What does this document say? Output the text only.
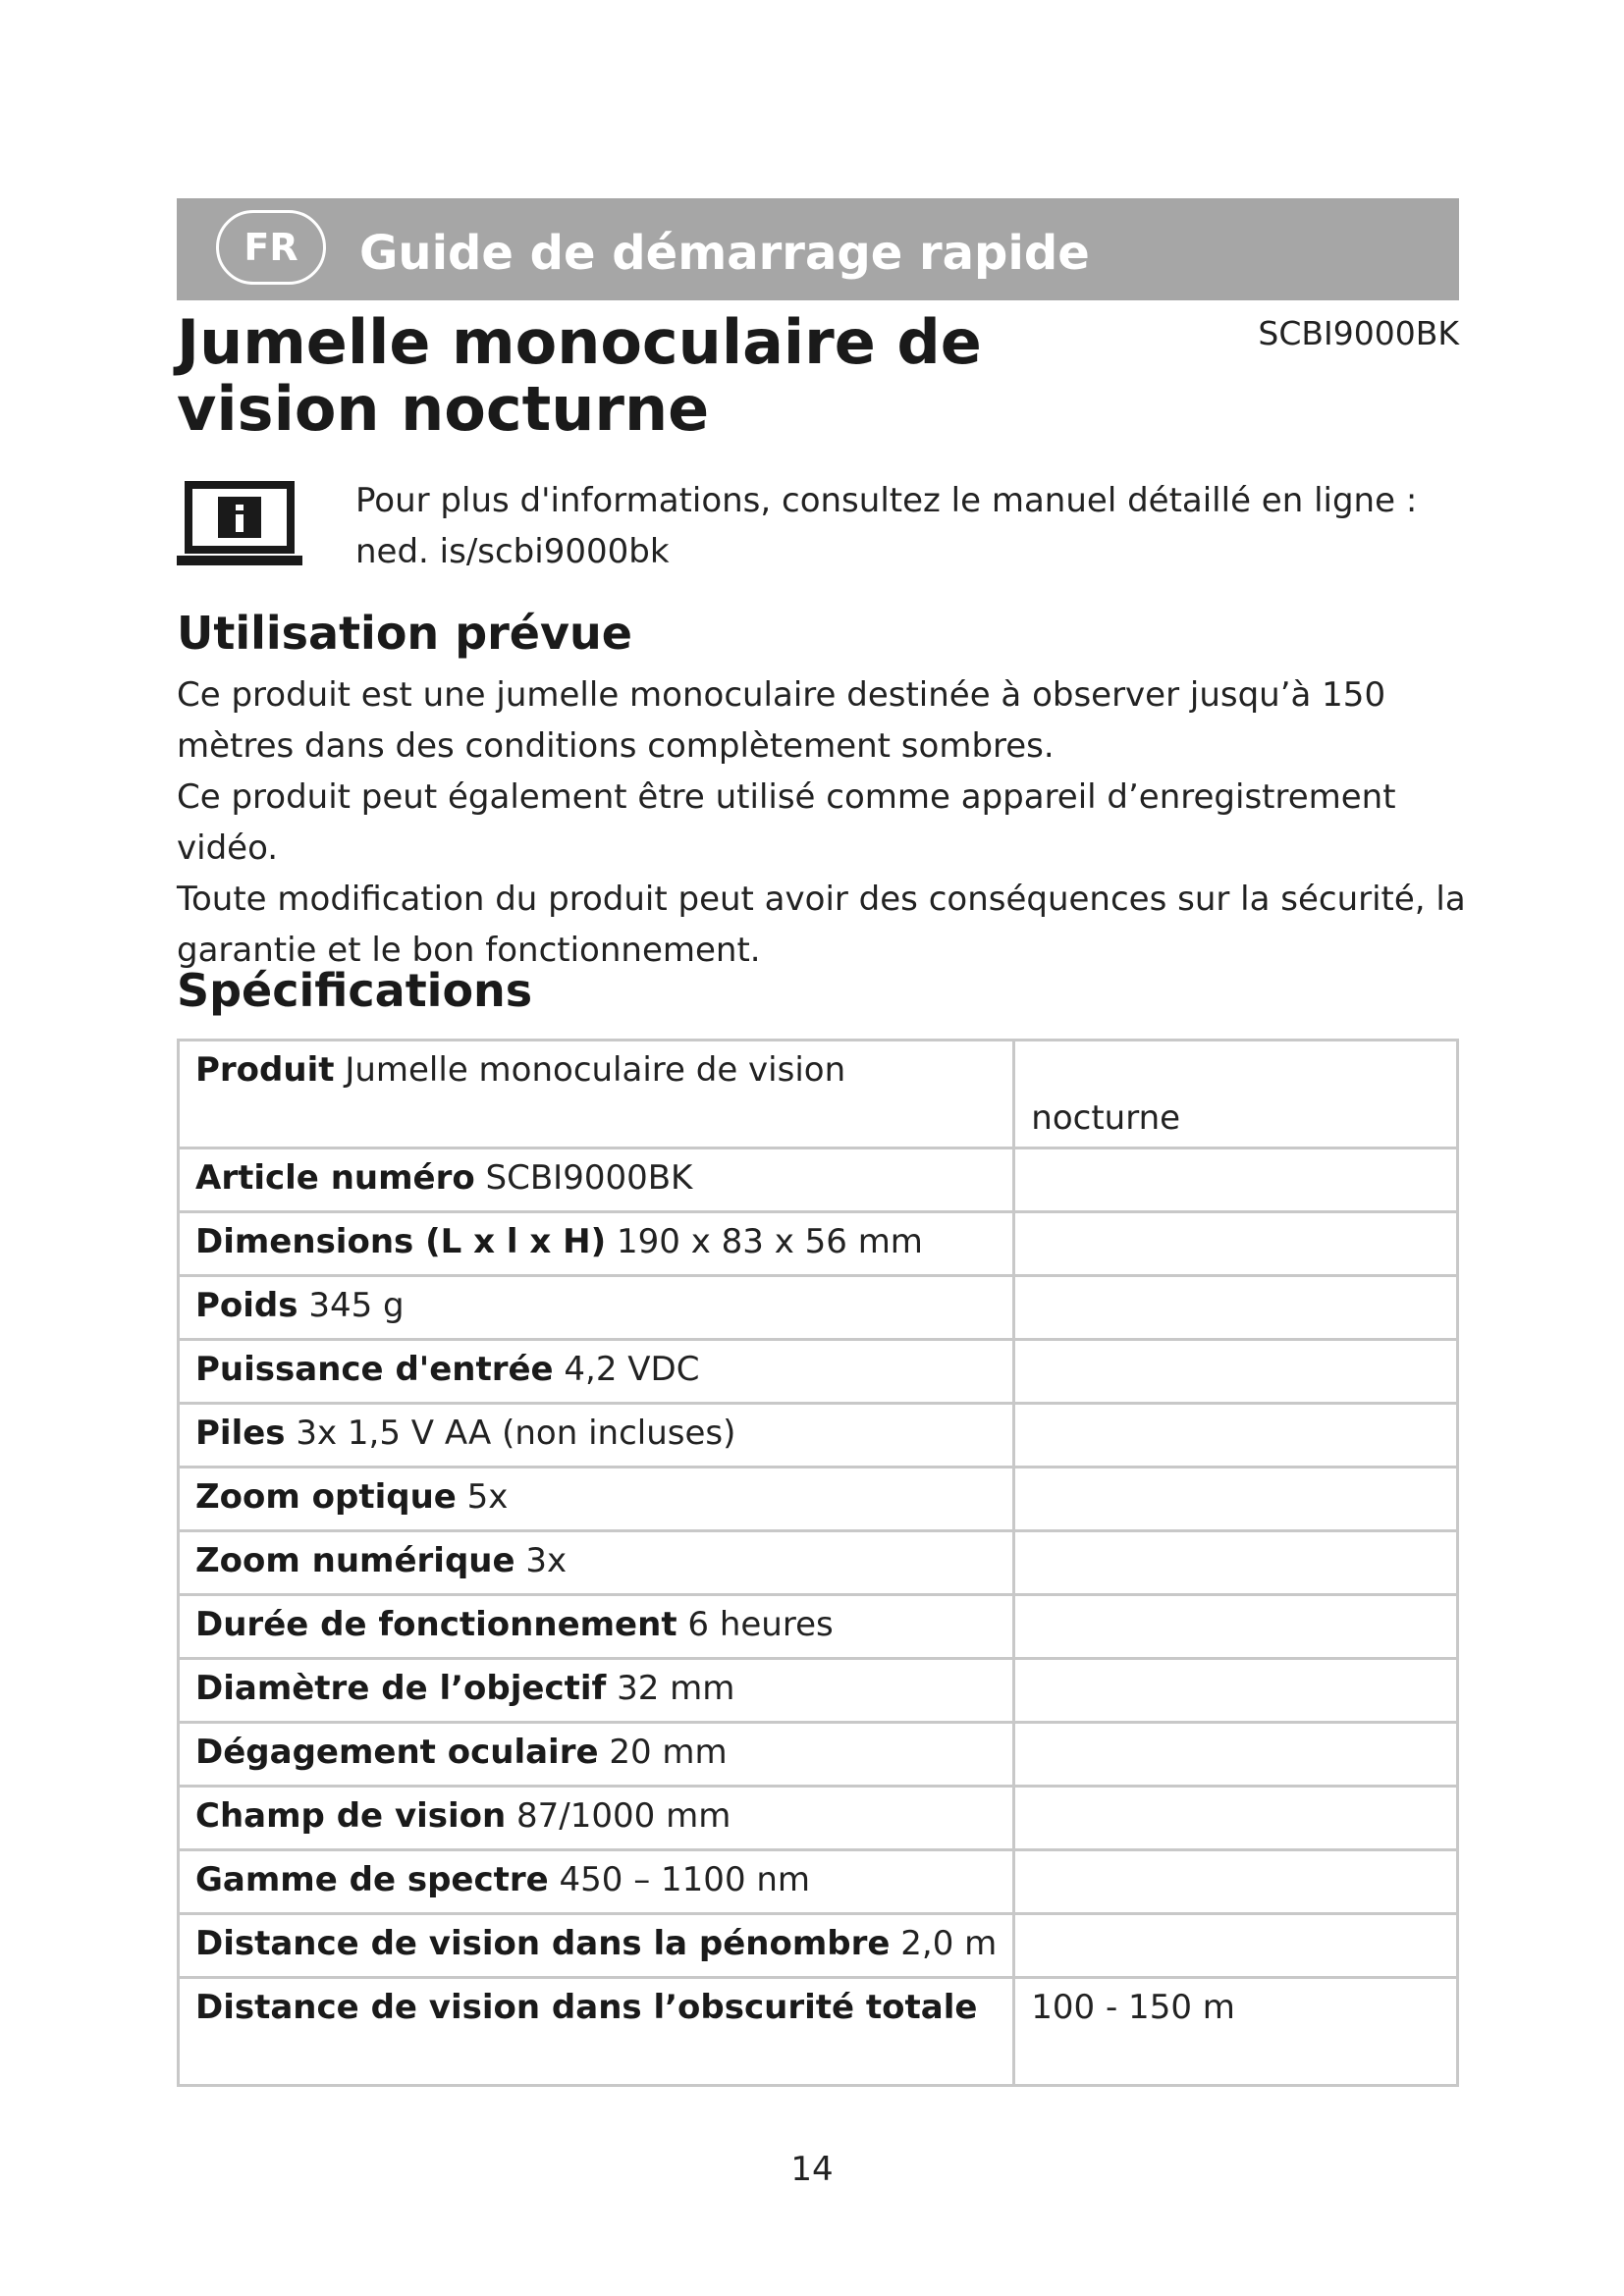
FR	Guide de démarrage rapide
Jumelle monoculaire de vision nocturne
SCBI9000BK
Pour plus d'informations, consultez le manuel détaillé en ligne : ned. is/scbi9000bk
Utilisation prévue

Ce produit est une jumelle monoculaire destinée à observer jusqu’à 150 mètres dans des conditions complètement sombres.

Ce produit peut également être utilisé comme appareil d’enregistrement vidéo.

Toute modification du produit peut avoir des conséquences sur la sécurité, la garantie et le bon fonctionnement.

Spécifications
Produit Jumelle monoculaire de vision	nocturne
Article numéro SCBI9000BK	
Dimensions (L x l x H) 190 x 83 x 56 mm	
Poids 345 g	
Puissance d'entrée 4,2 VDC	
Piles 3x 1,5 V AA (non incluses)	
Zoom optique 5x	
Zoom numérique 3x	
Durée de fonctionnement 6 heures	
Diamètre de l’objectif 32 mm	
Dégagement oculaire 20 mm	
Champ de vision 87/1000 mm	
Gamme de spectre 450 – 1100 nm	
Distance de vision dans la pénombre 2,0 m	
Distance de vision dans l’obscurité totale	100 - 150 m
14
